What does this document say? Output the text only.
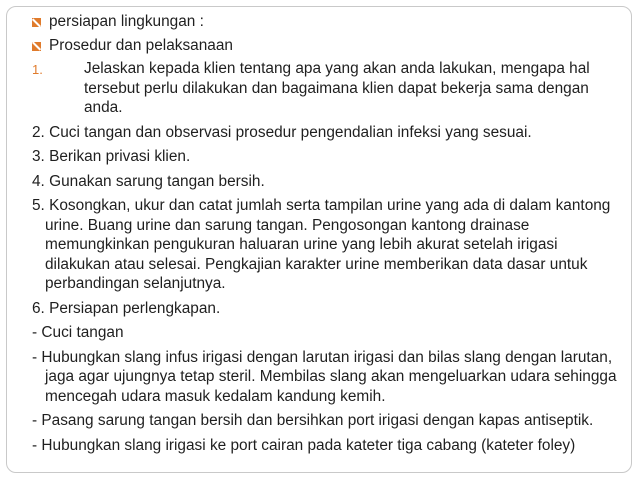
persiapan lingkungan :
Prosedur dan pelaksanaan
1.	Jelaskan kepada klien tentang apa yang akan anda lakukan, mengapa hal tersebut perlu dilakukan dan bagaimana klien dapat bekerja sama dengan anda.
2. Cuci tangan dan observasi prosedur pengendalian infeksi yang sesuai.
3. Berikan privasi klien.
4. Gunakan sarung tangan bersih.
5. Kosongkan, ukur dan catat jumlah serta tampilan urine yang ada di dalam kantong urine. Buang urine dan sarung tangan. Pengosongan kantong drainase memungkinkan pengukuran haluaran urine yang lebih akurat setelah irigasi dilakukan atau selesai. Pengkajian karakter urine memberikan data dasar untuk perbandingan selanjutnya.
6. Persiapan perlengkapan.
- Cuci tangan
- Hubungkan slang infus irigasi dengan larutan irigasi dan bilas slang dengan larutan, jaga agar ujungnya tetap steril. Membilas slang akan mengeluarkan udara sehingga mencegah udara masuk kedalam kandung kemih.
- Pasang sarung tangan bersih dan bersihkan port irigasi dengan kapas antiseptik.
- Hubungkan slang irigasi ke port cairan pada kateter tiga cabang (kateter foley)
